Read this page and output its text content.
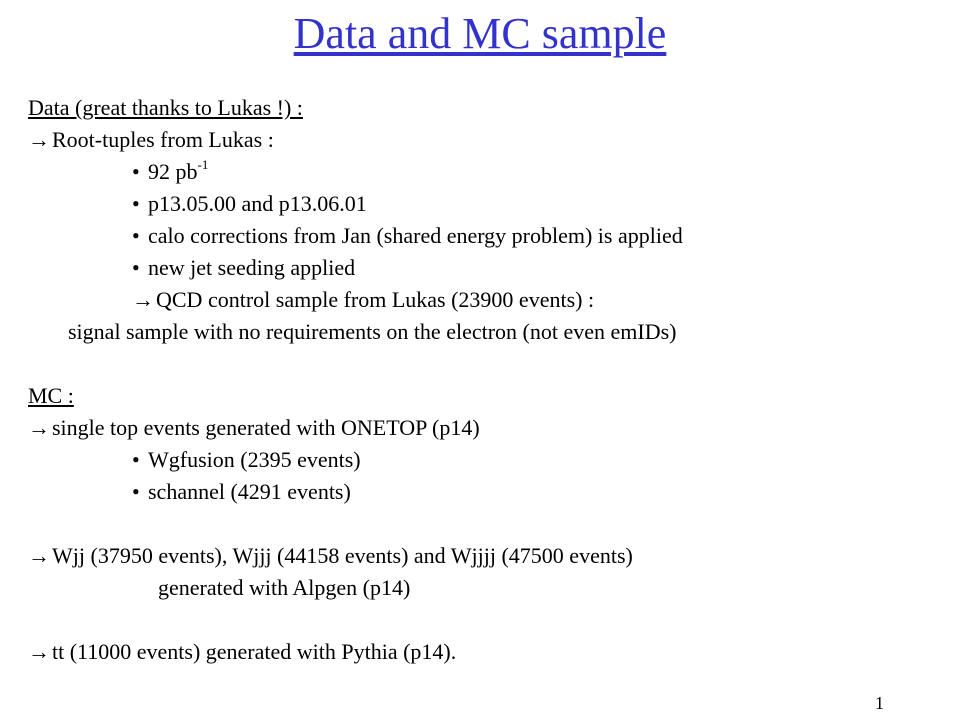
Data and MC sample
Data (great thanks to Lukas !) :
→Root-tuples from Lukas :
• 92 $pb^{-1}$
• p13.05.00 and p13.06.01
• calo corrections from Jan (shared energy problem) is applied
• new jet seeding applied
→QCD control sample from Lukas (23900 events) :
signal sample with no requirements on the electron (not even emIDs)
MC :
→single top events generated with ONETOP (p14)
• Wgfusion (2395 events)
• schannel (4291 events)
→Wjj (37950 events), Wjjj (44158 events) and Wjjjj (47500 events)
generated with Alpgen (p14)
→tt (11000 events) generated with Pythia (p14).
1
